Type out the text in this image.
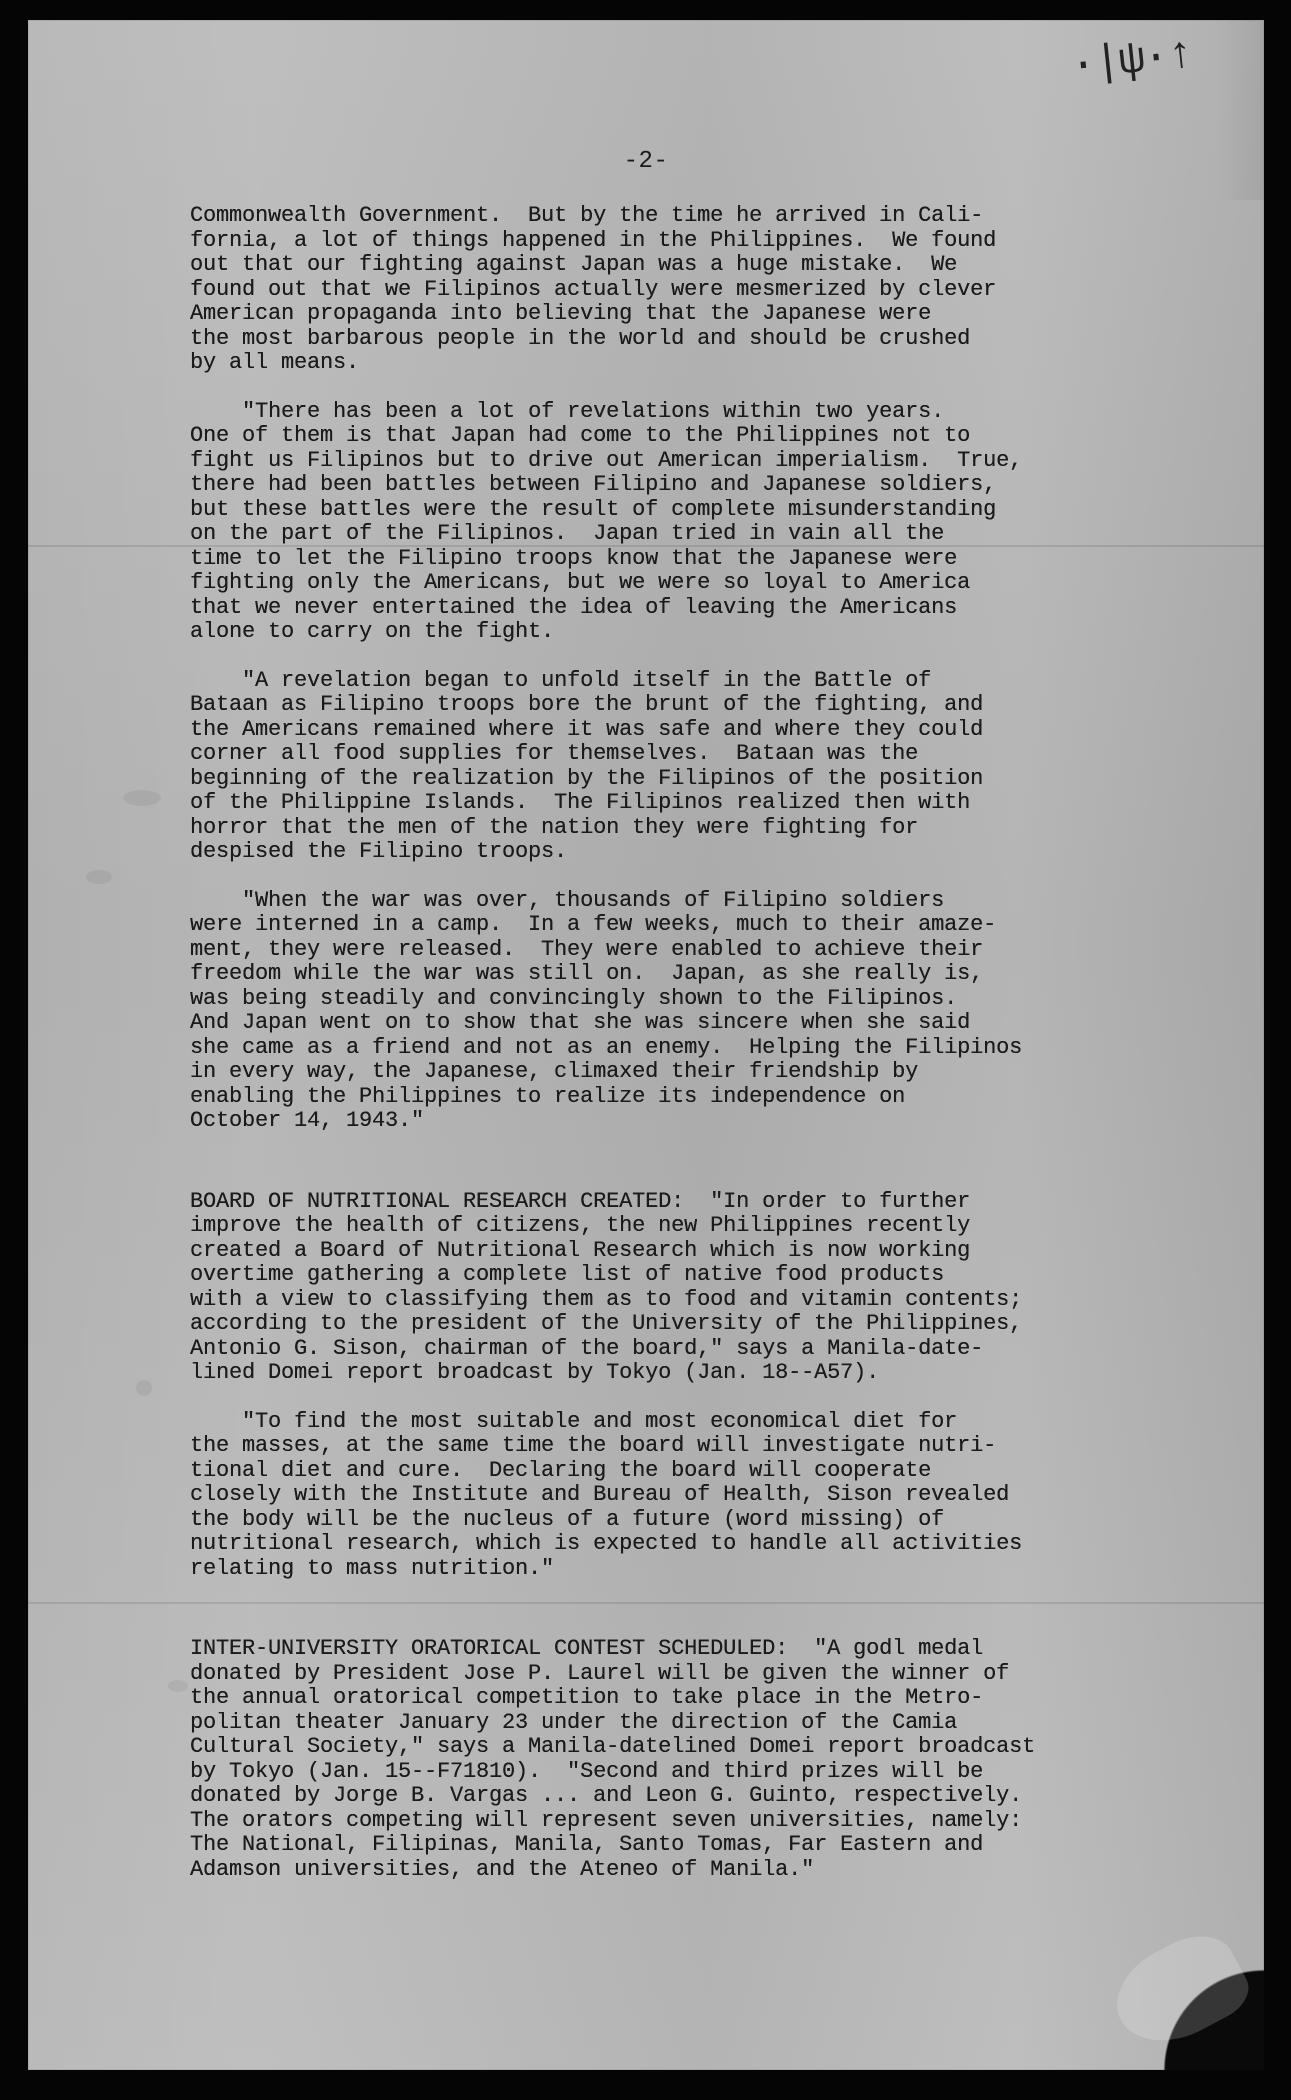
·|ψ·↑
-2-

Commonwealth Government.  But by the time he arrived in Cali-
fornia, a lot of things happened in the Philippines.  We found
out that our fighting against Japan was a huge mistake.  We
found out that we Filipinos actually were mesmerized by clever
American propaganda into believing that the Japanese were
the most barbarous people in the world and should be crushed
by all means.

"There has been a lot of revelations within two years.
One of them is that Japan had come to the Philippines not to
fight us Filipinos but to drive out American imperialism.  True,
there had been battles between Filipino and Japanese soldiers,
but these battles were the result of complete misunderstanding
on the part of the Filipinos.  Japan tried in vain all the
time to let the Filipino troops know that the Japanese were
fighting only the Americans, but we were so loyal to America
that we never entertained the idea of leaving the Americans
alone to carry on the fight.

"A revelation began to unfold itself in the Battle of
Bataan as Filipino troops bore the brunt of the fighting, and
the Americans remained where it was safe and where they could
corner all food supplies for themselves.  Bataan was the
beginning of the realization by the Filipinos of the position
of the Philippine Islands.  The Filipinos realized then with
horror that the men of the nation they were fighting for
despised the Filipino troops.

"When the war was over, thousands of Filipino soldiers
were interned in a camp.  In a few weeks, much to their amaze-
ment, they were released.  They were enabled to achieve their
freedom while the war was still on.  Japan, as she really is,
was being steadily and convincingly shown to the Filipinos.
And Japan went on to show that she was sincere when she said
she came as a friend and not as an enemy.  Helping the Filipinos
in every way, the Japanese, climaxed their friendship by
enabling the Philippines to realize its independence on
October 14, 1943."

BOARD OF NUTRITIONAL RESEARCH CREATED:  "In order to further
improve the health of citizens, the new Philippines recently
created a Board of Nutritional Research which is now working
overtime gathering a complete list of native food products
with a view to classifying them as to food and vitamin contents;
according to the president of the University of the Philippines,
Antonio G. Sison, chairman of the board," says a Manila-date-
lined Domei report broadcast by Tokyo (Jan. 18--A57).

"To find the most suitable and most economical diet for
the masses, at the same time the board will investigate nutri-
tional diet and cure.  Declaring the board will cooperate
closely with the Institute and Bureau of Health, Sison revealed
the body will be the nucleus of a future (word missing) of
nutritional research, which is expected to handle all activities
relating to mass nutrition."

INTER-UNIVERSITY ORATORICAL CONTEST SCHEDULED:  "A godl medal
donated by President Jose P. Laurel will be given the winner of
the annual oratorical competition to take place in the Metro-
politan theater January 23 under the direction of the Camia
Cultural Society," says a Manila-datelined Domei report broadcast
by Tokyo (Jan. 15--F71810).  "Second and third prizes will be
donated by Jorge B. Vargas ... and Leon G. Guinto, respectively.
The orators competing will represent seven universities, namely:
The National, Filipinas, Manila, Santo Tomas, Far Eastern and
Adamson universities, and the Ateneo of Manila."
